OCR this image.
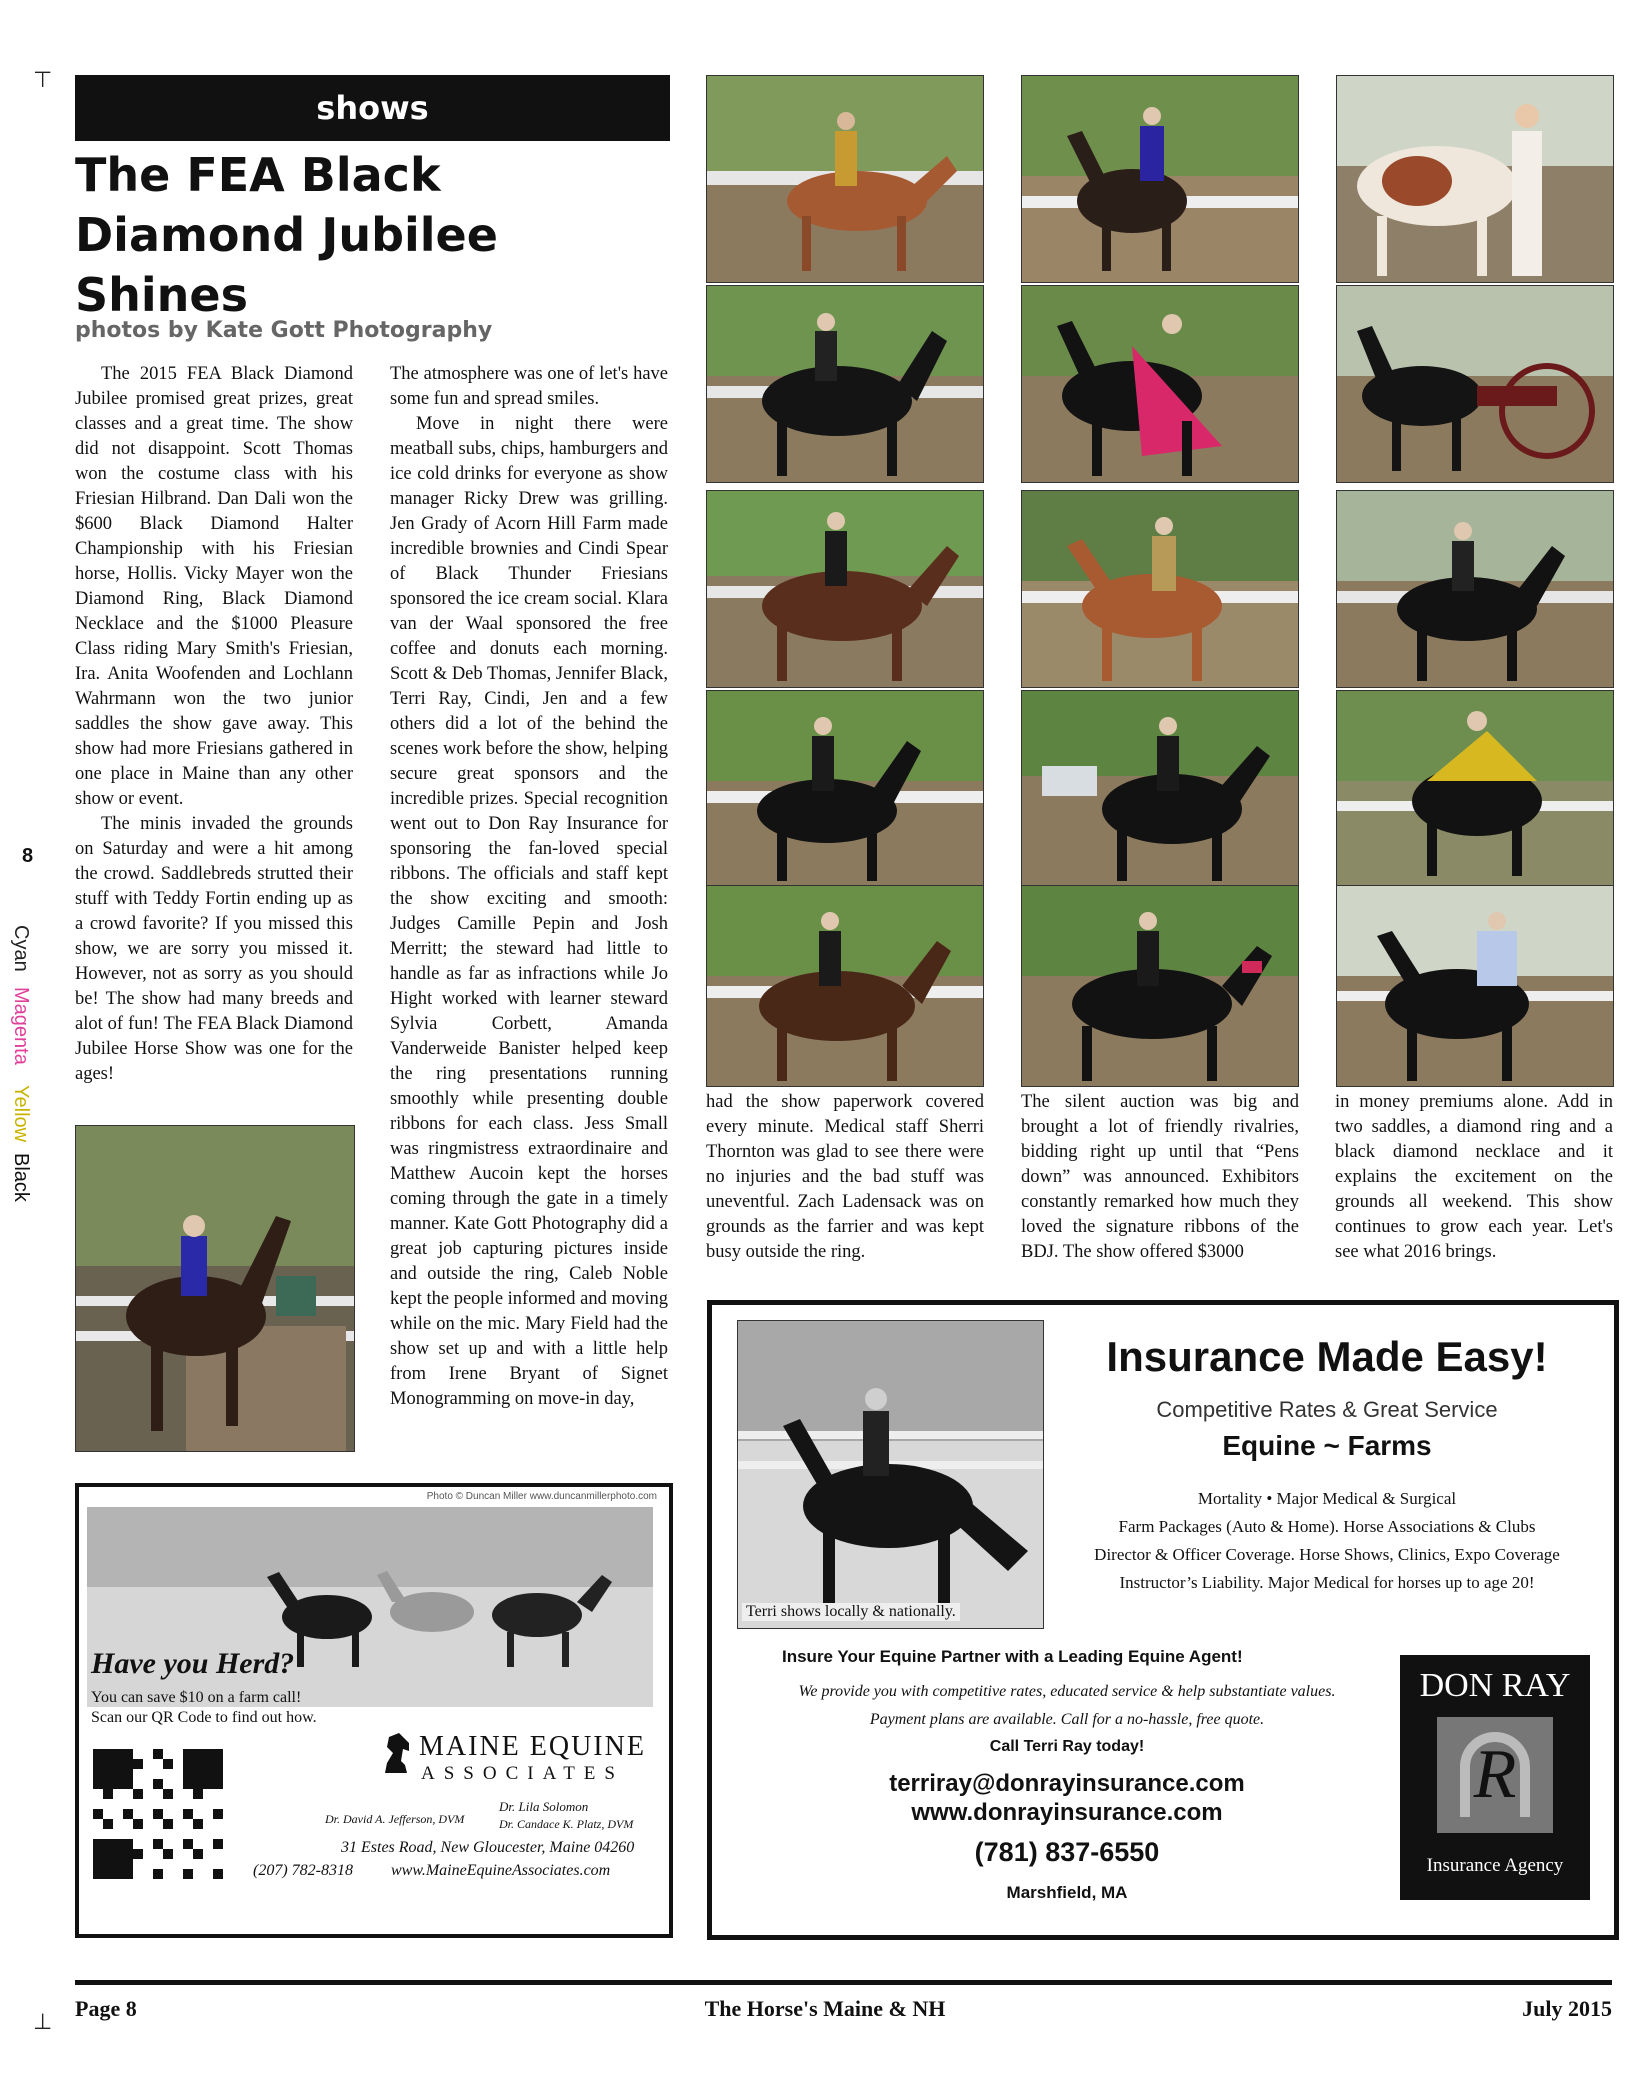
⊤
⊥
8
Cyan
Magenta
Yellow
Black
shows
The FEA Black Diamond Jubilee Shines
photos by Kate Gott Photography

The 2015 FEA Black Diamond Jubilee promised great prizes, great classes and a great time. The show did not disappoint. Scott Thomas won the costume class with his Friesian Hilbrand. Dan Dali won the $600 Black Diamond Halter Championship with his Friesian horse, Hollis. Vicky Mayer won the Diamond Ring, Black Diamond Necklace and the $1000 Pleasure Class riding Mary Smith's Friesian, Ira. Anita Woofenden and Lochlann Wahrmann won the two junior saddles the show gave away. This show had more Friesians gathered in one place in Maine than any other show or event.

The minis invaded the grounds on Saturday and were a hit among the crowd. Saddlebreds strutted their stuff with Teddy Fortin ending up as a crowd favorite? If you missed this show, we are sorry you missed it. However, not as sorry as you should be! The show had many breeds and alot of fun! The FEA Black Diamond Jubilee Horse Show was one for the ages!

The atmosphere was one of let's have some fun and spread smiles.

Move in night there were meatball subs, chips, hamburgers and ice cold drinks for everyone as show manager Ricky Drew was grilling. Jen Grady of Acorn Hill Farm made incredible brownies and Cindi Spear of Black Thunder Friesians sponsored the ice cream social. Klara van der Waal sponsored the free coffee and donuts each morning. Scott & Deb Thomas, Jennifer Black, Terri Ray, Cindi, Jen and a few others did a lot of the behind the scenes work before the show, helping secure great sponsors and the incredible prizes. Special recognition went out to Don Ray Insurance for sponsoring the fan-loved special ribbons. The officials and staff kept the show exciting and smooth: Judges Camille Pepin and Josh Merritt; the steward had little to handle as far as infractions while Jo Hight worked with learner steward Sylvia Corbett, Amanda Vanderweide Banister helped keep the ring presentations running smoothly while presenting double ribbons for each class. Jess Small was ringmistress extraordinaire and Matthew Aucoin kept the horses coming through the gate in a timely manner. Kate Gott Photography did a great job capturing pictures inside and outside the ring, Caleb Noble kept the people informed and moving while on the mic. Mary Field had the show set up and with a little help from Irene Bryant of Signet Monogramming on move-in day,

had the show paperwork covered every minute. Medical staff Sherri Thornton was glad to see there were no injuries and the bad stuff was uneventful. Zach Ladensack was on grounds as the farrier and was kept busy outside the ring.

The silent auction was big and brought a lot of friendly rivalries, bidding right up until that “Pens down” was announced. Exhibitors constantly remarked how much they loved the signature ribbons of the BDJ. The show offered $3000

in money premiums alone. Add in two saddles, a diamond ring and a black diamond necklace and it explains the excitement on the grounds all weekend. This show continues to grow each year. Let's see what 2016 brings.

Photo © Duncan Miller www.duncanmillerphoto.com
Have you Herd?
You can save $10 on a farm call!
Scan our QR Code to find out how.
MAINE EQUINE
ASSOCIATES
Dr. David A. Jefferson, DVM
Dr. Lila Solomon
Dr. Candace K. Platz, DVM
31 Estes Road, New Gloucester, Maine 04260
(207) 782-8318 www.MaineEquineAssociates.com
Terri shows locally & nationally.
Insurance Made Easy!
Competitive Rates & Great Service
Equine ~ Farms
Mortality • Major Medical & Surgical
Farm Packages (Auto & Home). Horse Associations & Clubs
Director & Officer Coverage. Horse Shows, Clinics, Expo Coverage
Instructor’s Liability. Major Medical for horses up to age 20!
Insure Your Equine Partner with a Leading Equine Agent!
We provide you with competitive rates, educated service & help substantiate values.
Payment plans are available. Call for a no-hassle, free quote.
Call Terri Ray today!
terriray@donrayinsurance.com
www.donrayinsurance.com
(781) 837-6550
Marshfield, MA
DON RAY
R
Insurance Agency
Page 8	The Horse's Maine & NH	July 2015
